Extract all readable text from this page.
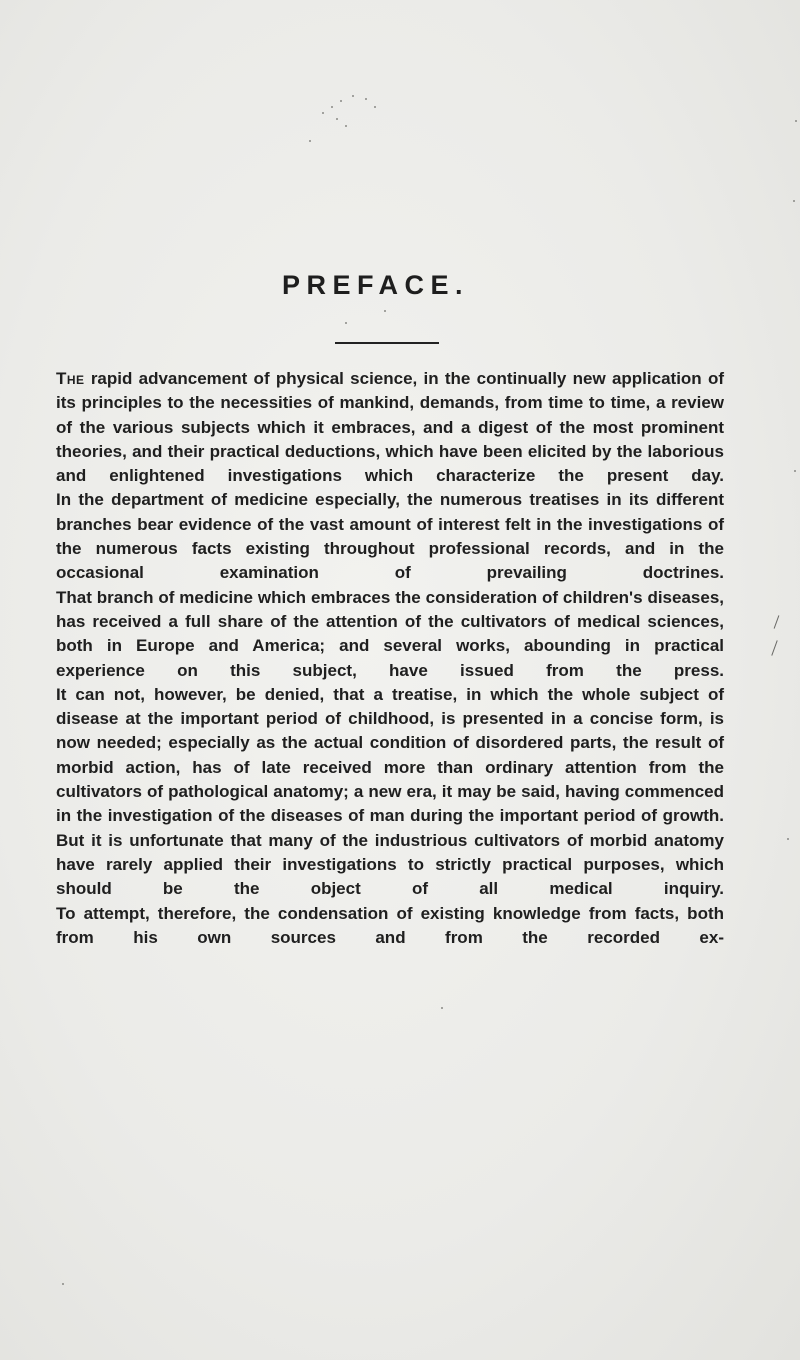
PREFACE.

The rapid advancement of physical science, in the continually new application of its principles to the necessities of mankind, demands, from time to time, a review of the various subjects which it embraces, and a digest of the most prominent theories, and their practical deductions, which have been elicited by the laborious and enlightened investigations which characterize the present day.

In the department of medicine especially, the numerous treatises in its different branches bear evidence of the vast amount of interest felt in the investigations of the numerous facts existing throughout professional records, and in the occasional examination of prevailing doctrines.

That branch of medicine which embraces the consideration of children's diseases, has received a full share of the attention of the cultivators of medical sciences, both in Europe and America; and several works, abounding in practical experience on this subject, have issued from the press.

It can not, however, be denied, that a treatise, in which the whole subject of disease at the important period of childhood, is presented in a concise form, is now needed; especially as the actual condition of disordered parts, the result of morbid action, has of late received more than ordinary attention from the cultivators of pathological anatomy; a new era, it may be said, having commenced in the investigation of the diseases of man during the important period of growth. But it is unfortunate that many of the industrious cultivators of morbid anatomy have rarely applied their investigations to strictly practical purposes, which should be the object of all medical inquiry.

To attempt, therefore, the condensation of existing knowledge from facts, both from his own sources and from the recorded ex-
